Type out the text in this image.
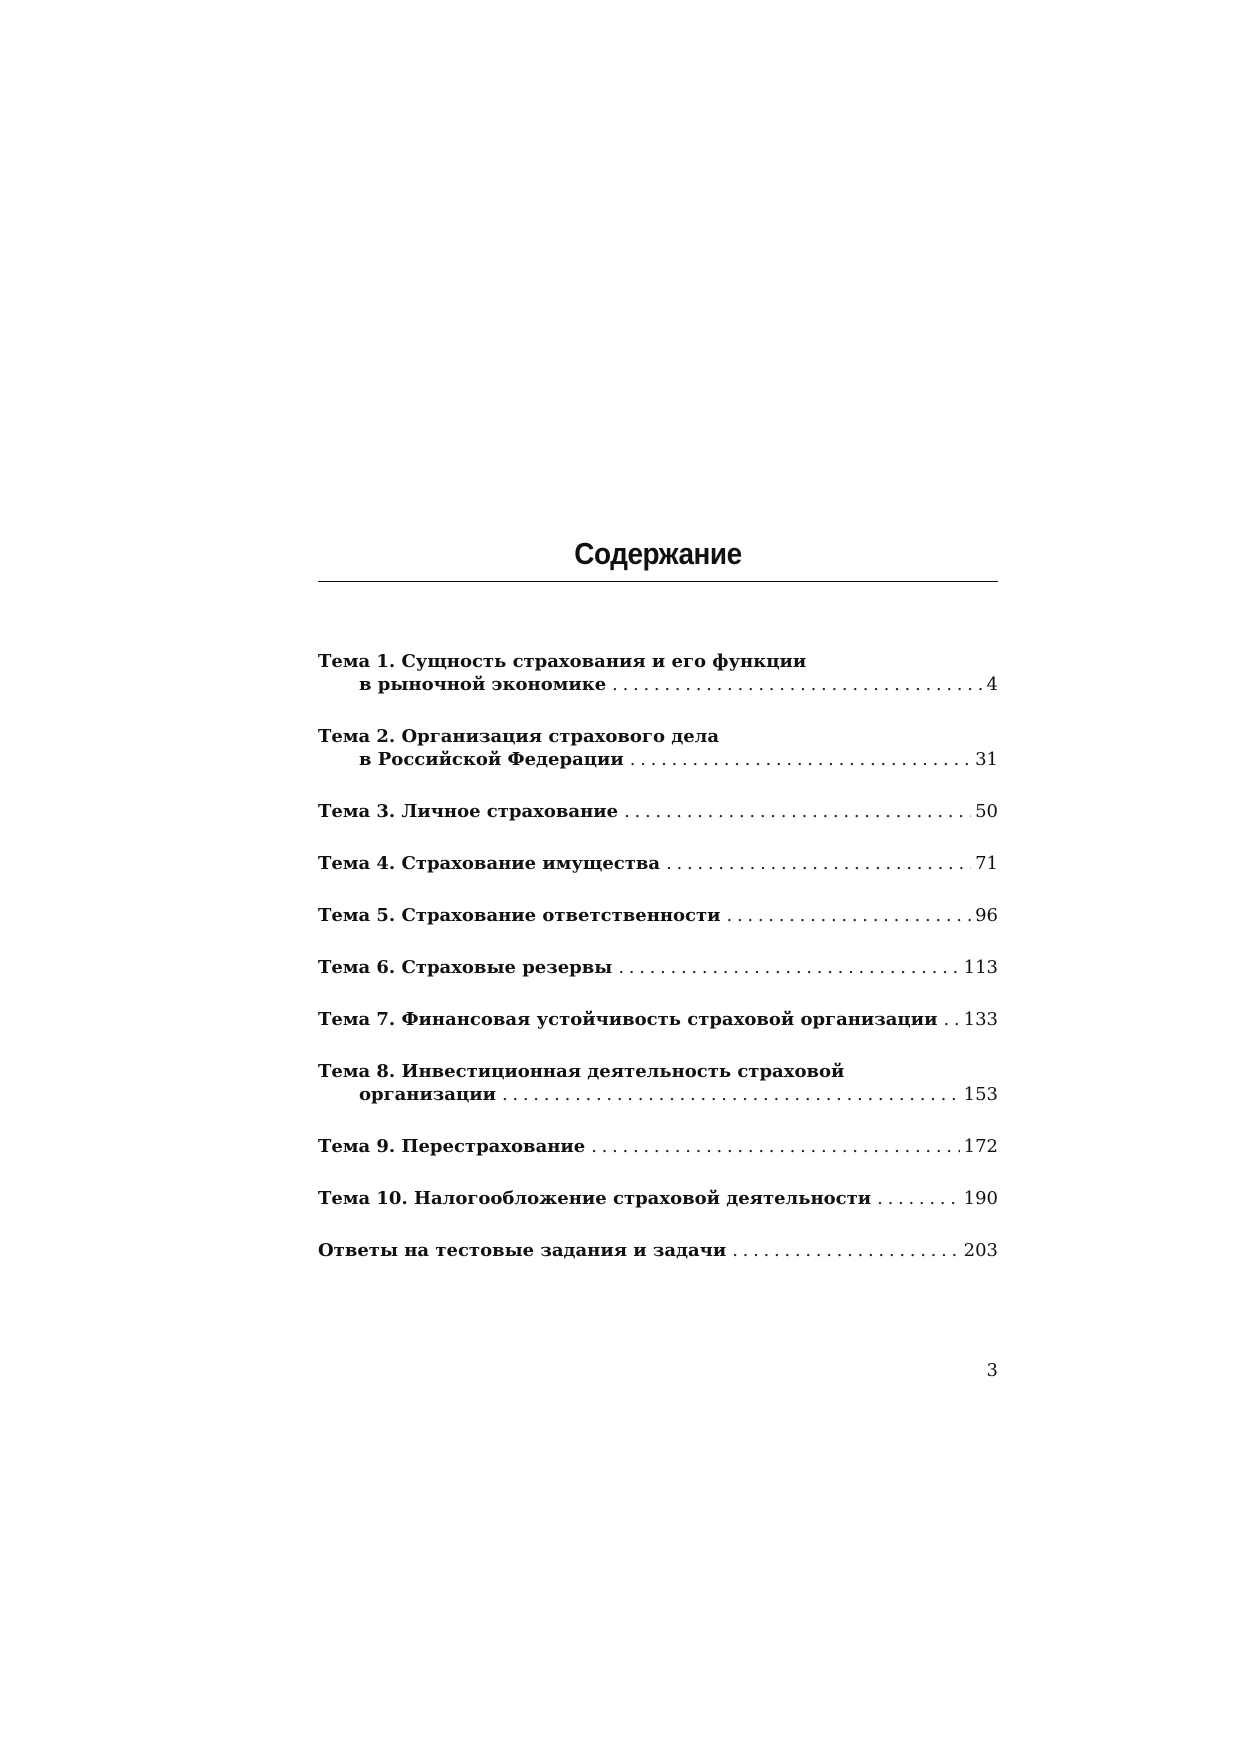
Содержание
Тема 1. Сущность страхования и его функции
в рыночной экономике . . .	4
Тема 2. Организация страхового дела
в Российской Федерации . . .	31
Тема 3. Личное страхование . . .	50
Тема 4. Страхование имущества . . .	71
Тема 5. Страхование ответственности . . .	96
Тема 6. Страховые резервы . . .	113
Тема 7. Финансовая устойчивость страховой организации . . .	133
Тема 8. Инвестиционная деятельность страховой
организации . . .	153
Тема 9. Перестрахование . . .	172
Тема 10. Налогообложение страховой деятельности . . .	190
Ответы на тестовые задания и задачи . . .	203
3
